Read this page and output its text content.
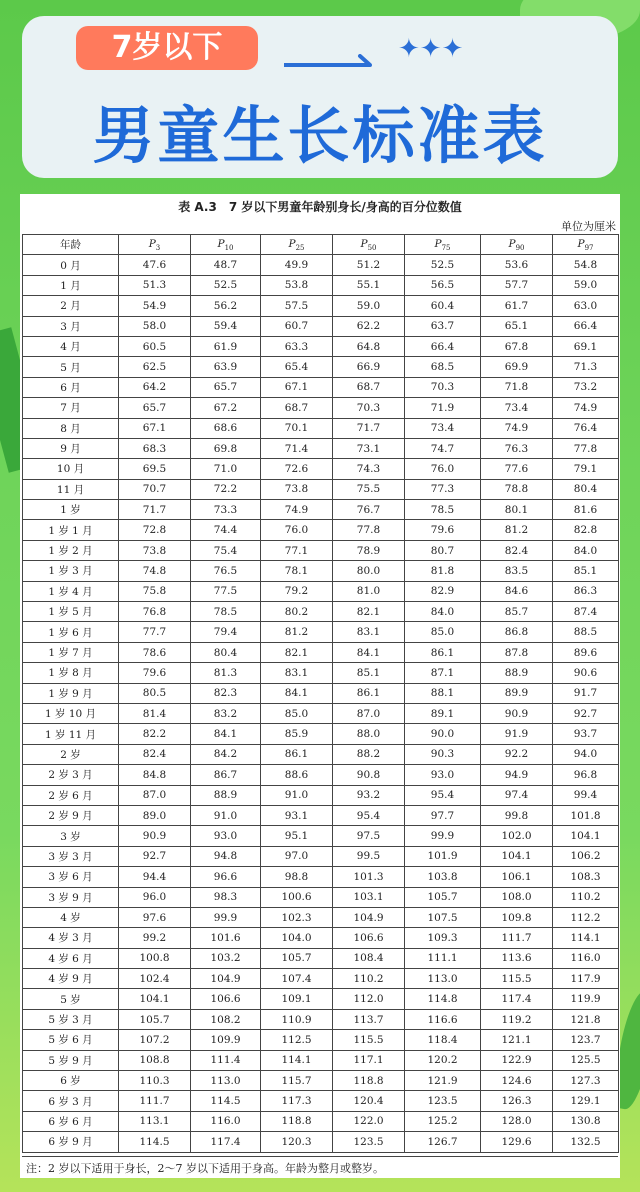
7岁以下	✦✦✦
男童生长标准表
表 A.3　7 岁以下男童年龄别身长/身高的百分位数值
单位为厘米
年龄	$P_3$	$P_{10}$	$P_{25}$	$P_{50}$	$P_{75}$	$P_{90}$	$P_{97}$
0 月	47.6	48.7	49.9	51.2	52.5	53.6	54.8
1 月	51.3	52.5	53.8	55.1	56.5	57.7	59.0
2 月	54.9	56.2	57.5	59.0	60.4	61.7	63.0
3 月	58.0	59.4	60.7	62.2	63.7	65.1	66.4
4 月	60.5	61.9	63.3	64.8	66.4	67.8	69.1
5 月	62.5	63.9	65.4	66.9	68.5	69.9	71.3
6 月	64.2	65.7	67.1	68.7	70.3	71.8	73.2
7 月	65.7	67.2	68.7	70.3	71.9	73.4	74.9
8 月	67.1	68.6	70.1	71.7	73.4	74.9	76.4
9 月	68.3	69.8	71.4	73.1	74.7	76.3	77.8
10 月	69.5	71.0	72.6	74.3	76.0	77.6	79.1
11 月	70.7	72.2	73.8	75.5	77.3	78.8	80.4
1 岁	71.7	73.3	74.9	76.7	78.5	80.1	81.6
1 岁 1 月	72.8	74.4	76.0	77.8	79.6	81.2	82.8
1 岁 2 月	73.8	75.4	77.1	78.9	80.7	82.4	84.0
1 岁 3 月	74.8	76.5	78.1	80.0	81.8	83.5	85.1
1 岁 4 月	75.8	77.5	79.2	81.0	82.9	84.6	86.3
1 岁 5 月	76.8	78.5	80.2	82.1	84.0	85.7	87.4
1 岁 6 月	77.7	79.4	81.2	83.1	85.0	86.8	88.5
1 岁 7 月	78.6	80.4	82.1	84.1	86.1	87.8	89.6
1 岁 8 月	79.6	81.3	83.1	85.1	87.1	88.9	90.6
1 岁 9 月	80.5	82.3	84.1	86.1	88.1	89.9	91.7
1 岁 10 月	81.4	83.2	85.0	87.0	89.1	90.9	92.7
1 岁 11 月	82.2	84.1	85.9	88.0	90.0	91.9	93.7
2 岁	82.4	84.2	86.1	88.2	90.3	92.2	94.0
2 岁 3 月	84.8	86.7	88.6	90.8	93.0	94.9	96.8
2 岁 6 月	87.0	88.9	91.0	93.2	95.4	97.4	99.4
2 岁 9 月	89.0	91.0	93.1	95.4	97.7	99.8	101.8
3 岁	90.9	93.0	95.1	97.5	99.9	102.0	104.1
3 岁 3 月	92.7	94.8	97.0	99.5	101.9	104.1	106.2
3 岁 6 月	94.4	96.6	98.8	101.3	103.8	106.1	108.3
3 岁 9 月	96.0	98.3	100.6	103.1	105.7	108.0	110.2
4 岁	97.6	99.9	102.3	104.9	107.5	109.8	112.2
4 岁 3 月	99.2	101.6	104.0	106.6	109.3	111.7	114.1
4 岁 6 月	100.8	103.2	105.7	108.4	111.1	113.6	116.0
4 岁 9 月	102.4	104.9	107.4	110.2	113.0	115.5	117.9
5 岁	104.1	106.6	109.1	112.0	114.8	117.4	119.9
5 岁 3 月	105.7	108.2	110.9	113.7	116.6	119.2	121.8
5 岁 6 月	107.2	109.9	112.5	115.5	118.4	121.1	123.7
5 岁 9 月	108.8	111.4	114.1	117.1	120.2	122.9	125.5
6 岁	110.3	113.0	115.7	118.8	121.9	124.6	127.3
6 岁 3 月	111.7	114.5	117.3	120.4	123.5	126.3	129.1
6 岁 6 月	113.1	116.0	118.8	122.0	125.2	128.0	130.8
6 岁 9 月	114.5	117.4	120.3	123.5	126.7	129.6	132.5
注：2 岁以下适用于身长，2～7 岁以下适用于身高。年龄为整月或整岁。
